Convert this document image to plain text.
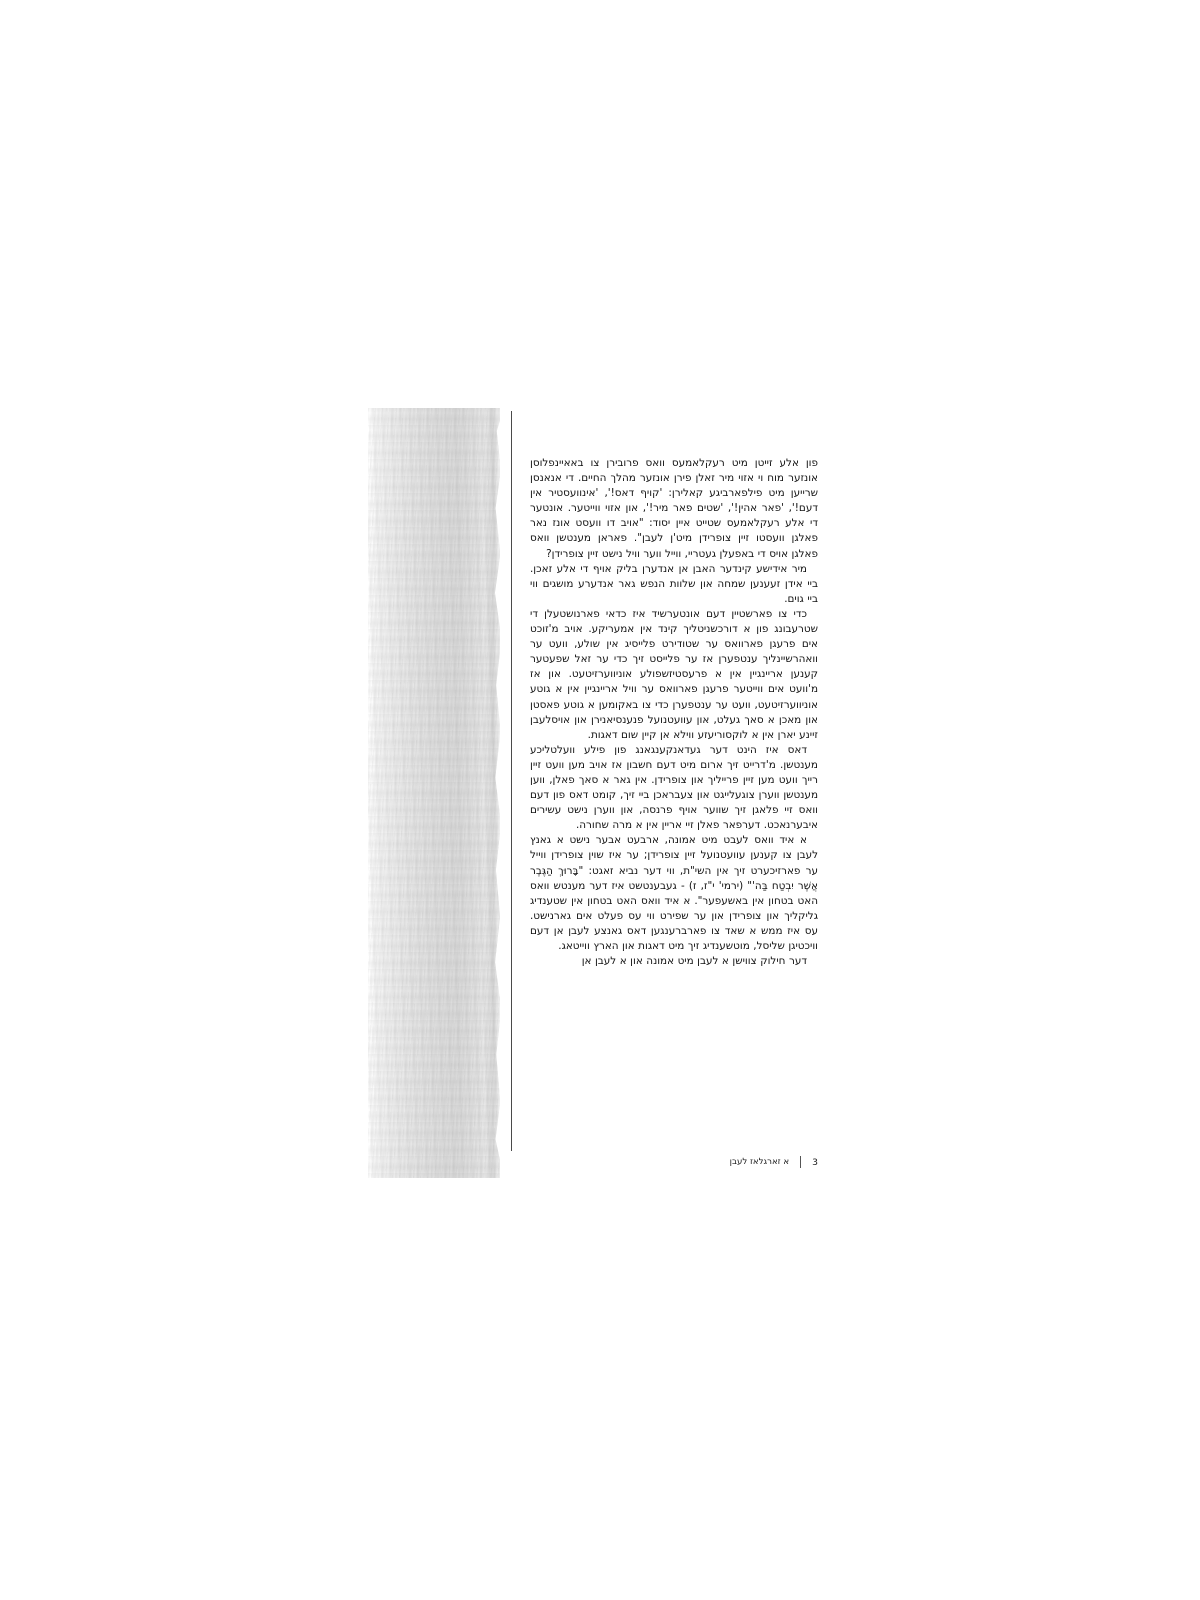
פון אלע זייטן מיט רעקלאמעס וואס פרובירן צו באאיינפלוסן אונזער מוח וי אזוי מיר זאלן פירן אונזער מהלך החיים. די אנאנסן שרייען מיט פילפארביגע קאלירן: 'קויף דאס!', 'אינוועסטיר אין דעם!', 'פאר אהין!', 'שטים פאר מיר!', און אזוי ווייטער. אונטער די אלע רעקלאמעס שטייט איין יסוד: "אויב דו וועסט אונז נאר פאלגן וועסטו זיין צופרידן מיט'ן לעבן". פאראן מענטשן וואס פאלגן אויס די באפעלן געטריי, ווייל ווער וויל נישט זיין צופרידן?

מיר אידישע קינדער האבן אן אנדערן בליק אויף די אלע זאכן. ביי אידן זעענען שמחה און שלוות הנפש גאר אנדערע מושגים ווי ביי גוים.

כדי צו פארשטיין דעם אונטערשיד איז כדאי פארנושטעלן די שטרעבונג פון א דורכשניטליך קינד אין אמעריקע. אויב מ'זוכט אים פרעגן פארוואס ער שטודירט פלייסיג אין שולע, וועט ער וואהרשיינליך ענטפערן אז ער פלייסט זיך כדי ער זאל שפעטער קענען אריינגיין אין א פרעסטיזשפולע אוניווערזיטעט. און אז מ'וועט אים ווייטער פרעגן פארוואס ער וויל אריינגיין אין א גוטע אוניווערזיטעט, וועט ער ענטפערן כדי צו באקומען א גוטע פאסטן און מאכן א סאך געלט, און עוועטנועל פנענסיאנירן און אויסלעבן זיינע יארן אין א לוקסוריעזע ווילא אן קיין שום דאגות.

דאס איז הינט דער געדאנקענגאנג פון פילע וועלטליכע מענטשן. מ'דרייט זיך ארום מיט דעם חשבון אז אויב מען וועט זיין רייך וועט מען זיין פרייליך און צופרידן. אין גאר א סאך פאלן, ווען מענטשן ווערן צוגעלייגט און צעבראכן ביי זיך, קומט דאס פון דעם וואס זיי פלאגן זיך שווער אויף פרנסה, און ווערן נישט עשירים איבערנאכט. דערפאר פאלן זיי אריין אין א מרה שחורה.

א איד וואס לעבט מיט אמונה, ארבעט אבער נישט א גאנץ לעבן צו קענען עוועטנועל זיין צופרידן; ער איז שוין צופרידן ווייל ער פארזיכערט זיך אין השי"ת, ווי דער נביא זאגט: "בָּרוּךְ הַגֶּבֶר אֲשֶׁר יִבְטַח בַּה'" (ירמי' י"ז, ז) - געבענטשט איז דער מענטש וואס האט בטחון אין באשעפער". א איד וואס האט בטחון אין שטענדיג גליקליך און צופרידן און ער שפירט ווי עס פעלט אים גארנישט. עס איז ממש א שאד צו פארברענגען דאס גאנצע לעבן אן דעם וויכטיגן שליסל, מוטשענדיג זיך מיט דאגות און הארץ ווייטאג.

דער חילוק צווישן א לעבן מיט אמונה און א לעבן אן

3
א זארגלאז לעבן
